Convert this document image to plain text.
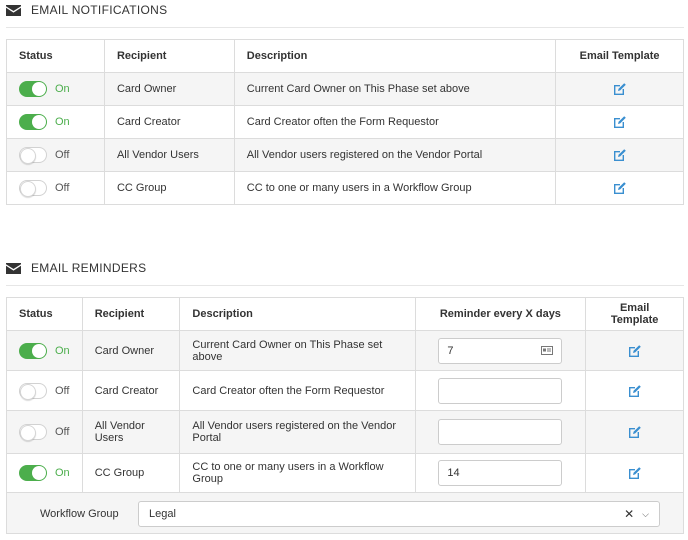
EMAIL NOTIFICATIONS
Status	Recipient	Description	Email Template

On	Card Owner	Current Card Owner on This Phase set above	

On	Card Creator	Card Creator often the Form Requestor	

Off	All Vendor Users	All Vendor users registered on the Vendor Portal	

Off	CC Group	CC to one or many users in a Workflow Group	
EMAIL REMINDERS
Status	Recipient	Description	Reminder every X days	Email Template

On	Card Owner	Current Card Owner on This Phase set above	7

Off	Card Creator	Card Creator often the Form Requestor	

Off	All Vendor Users	All Vendor users registered on the Vendor Portal	

On	CC Group	CC to one or many users in a Workflow Group	14

Workflow Group	Legal	✕ ⌵
